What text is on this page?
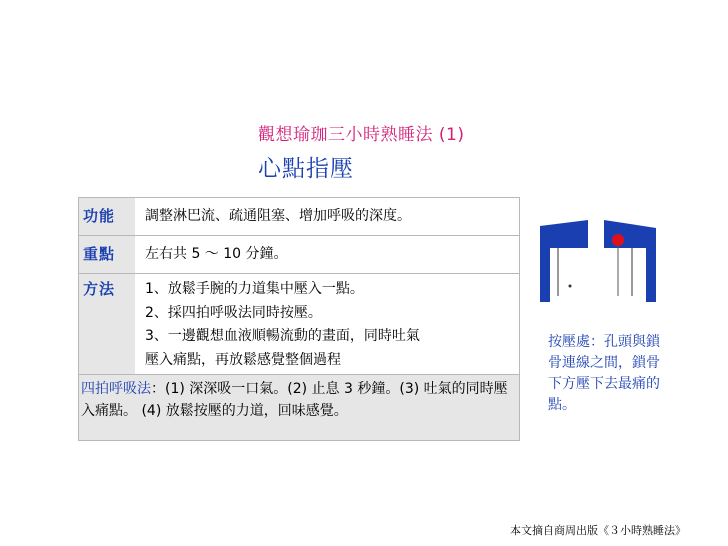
觀想瑜珈三小時熟睡法 (1)
心點指壓
功能	調整淋巴流、疏通阻塞、增加呼吸的深度。
重點	左右共 5 ～ 10 分鐘。
方法	1、放鬆手腕的力道集中壓入一點。
2、採四拍呼吸法同時按壓。
3、一邊觀想血液順暢流動的畫面，同時吐氣
壓入痛點，再放鬆感覺整個過程
四拍呼吸法：(1) 深深吸一口氣。(2) 止息 3 秒鐘。(3) 吐氣的同時壓入痛點。 (4) 放鬆按壓的力道，回味感覺。
按壓處：孔頭與鎖骨連線之間，鎖骨下方壓下去最痛的點。
本文摘自商周出版《３小時熟睡法》
